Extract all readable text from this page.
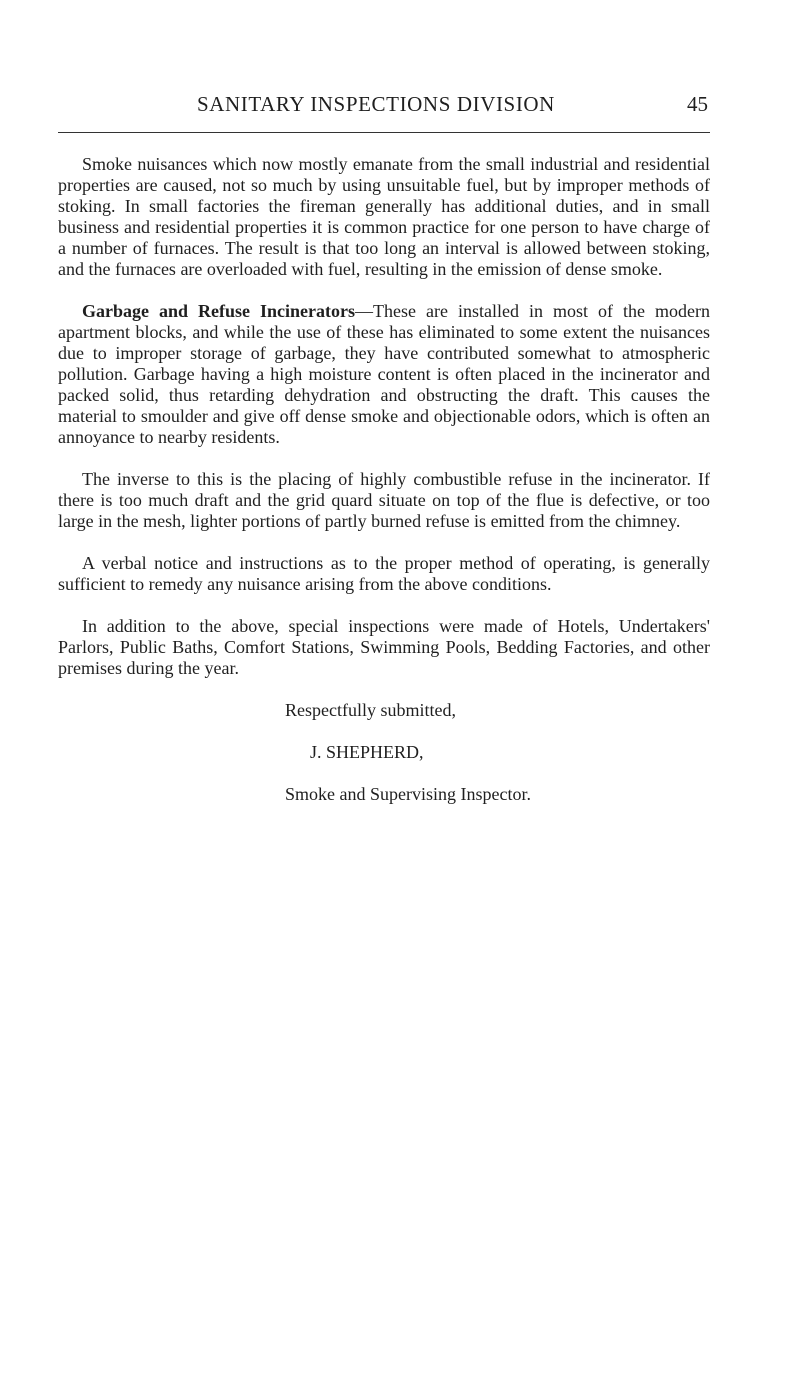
SANITARY INSPECTIONS DIVISION	45

Smoke nuisances which now mostly emanate from the small industrial and residential properties are caused, not so much by using unsuitable fuel, but by improper methods of stoking. In small factories the fireman generally has additional duties, and in small business and residential properties it is common practice for one person to have charge of a number of furnaces. The result is that too long an interval is allowed between stoking, and the furnaces are overloaded with fuel, resulting in the emission of dense smoke.

Garbage and Refuse Incinerators—These are installed in most of the modern apartment blocks, and while the use of these has eliminated to some extent the nuisances due to improper storage of garbage, they have contributed somewhat to atmospheric pollution. Garbage having a high moisture content is often placed in the incinerator and packed solid, thus retarding dehydration and obstructing the draft. This causes the material to smoulder and give off dense smoke and objectionable odors, which is often an annoyance to nearby residents.

The inverse to this is the placing of highly combustible refuse in the incinerator. If there is too much draft and the grid quard situate on top of the flue is defective, or too large in the mesh, lighter portions of partly burned refuse is emitted from the chimney.

A verbal notice and instructions as to the proper method of operating, is generally sufficient to remedy any nuisance arising from the above conditions.

In addition to the above, special inspections were made of Hotels, Undertakers' Parlors, Public Baths, Comfort Stations, Swimming Pools, Bedding Factories, and other premises during the year.

Respectfully submitted,
J. SHEPHERD,
Smoke and Supervising Inspector.
